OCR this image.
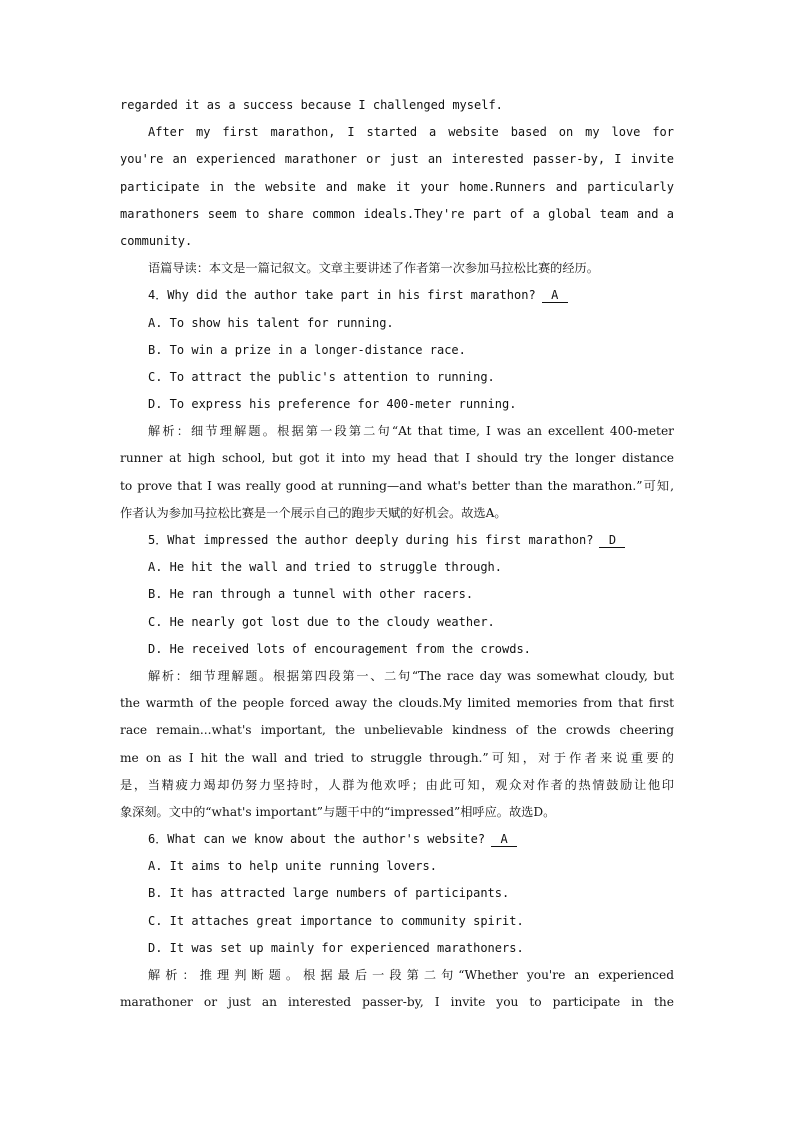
regarded it as a success because I challenged myself.
After my first marathon, I started a website based on my love for
you're an experienced marathoner or just an interested passer-by, I invite
participate in the website and make it your home.Runners and particularly
marathoners seem to share common ideals.They're part of a global team and a
community.
语篇导读：本文是一篇记叙文。文章主要讲述了作者第一次参加马拉松比赛的经历。
4．Why did the author take part in his first marathon? A
A. To show his talent for running.
B. To win a prize in a longer-distance race.
C. To attract the public's attention to running.
D. To express his preference for 400-meter running.
解析：细节理解题。根据第一段第二句“At that time, I was an excellent 400-meter
runner at high school, but got it into my head that I should try the longer distance
to prove that I was really good at running—and what's better than the marathon.”可知,
作者认为参加马拉松比赛是一个展示自己的跑步天赋的好机会。故选A。
5．What impressed the author deeply during his first marathon? D
A. He hit the wall and tried to struggle through.
B. He ran through a tunnel with other racers.
C. He nearly got lost due to the cloudy weather.
D. He received lots of encouragement from the crowds.
解析：细节理解题。根据第四段第一、二句“The race day was somewhat cloudy, but
the warmth of the people forced away the clouds.My limited memories from that first
race remain...what's important, the unbelievable kindness of the crowds cheering
me on as I hit the wall and tried to struggle through.”可知，对于作者来说重要的
是，当精疲力竭却仍努力坚持时，人群为他欢呼；由此可知，观众对作者的热情鼓励让他印
象深刻。文中的“what's important”与题干中的“impressed”相呼应。故选D。
6．What can we know about the author's website? A
A. It aims to help unite running lovers.
B. It has attracted large numbers of participants.
C. It attaches great importance to community spirit.
D. It was set up mainly for experienced marathoners.
解析：推理判断题。根据最后一段第二句“Whether you're an experienced
marathoner or just an interested passer-by, I invite you to participate in the
